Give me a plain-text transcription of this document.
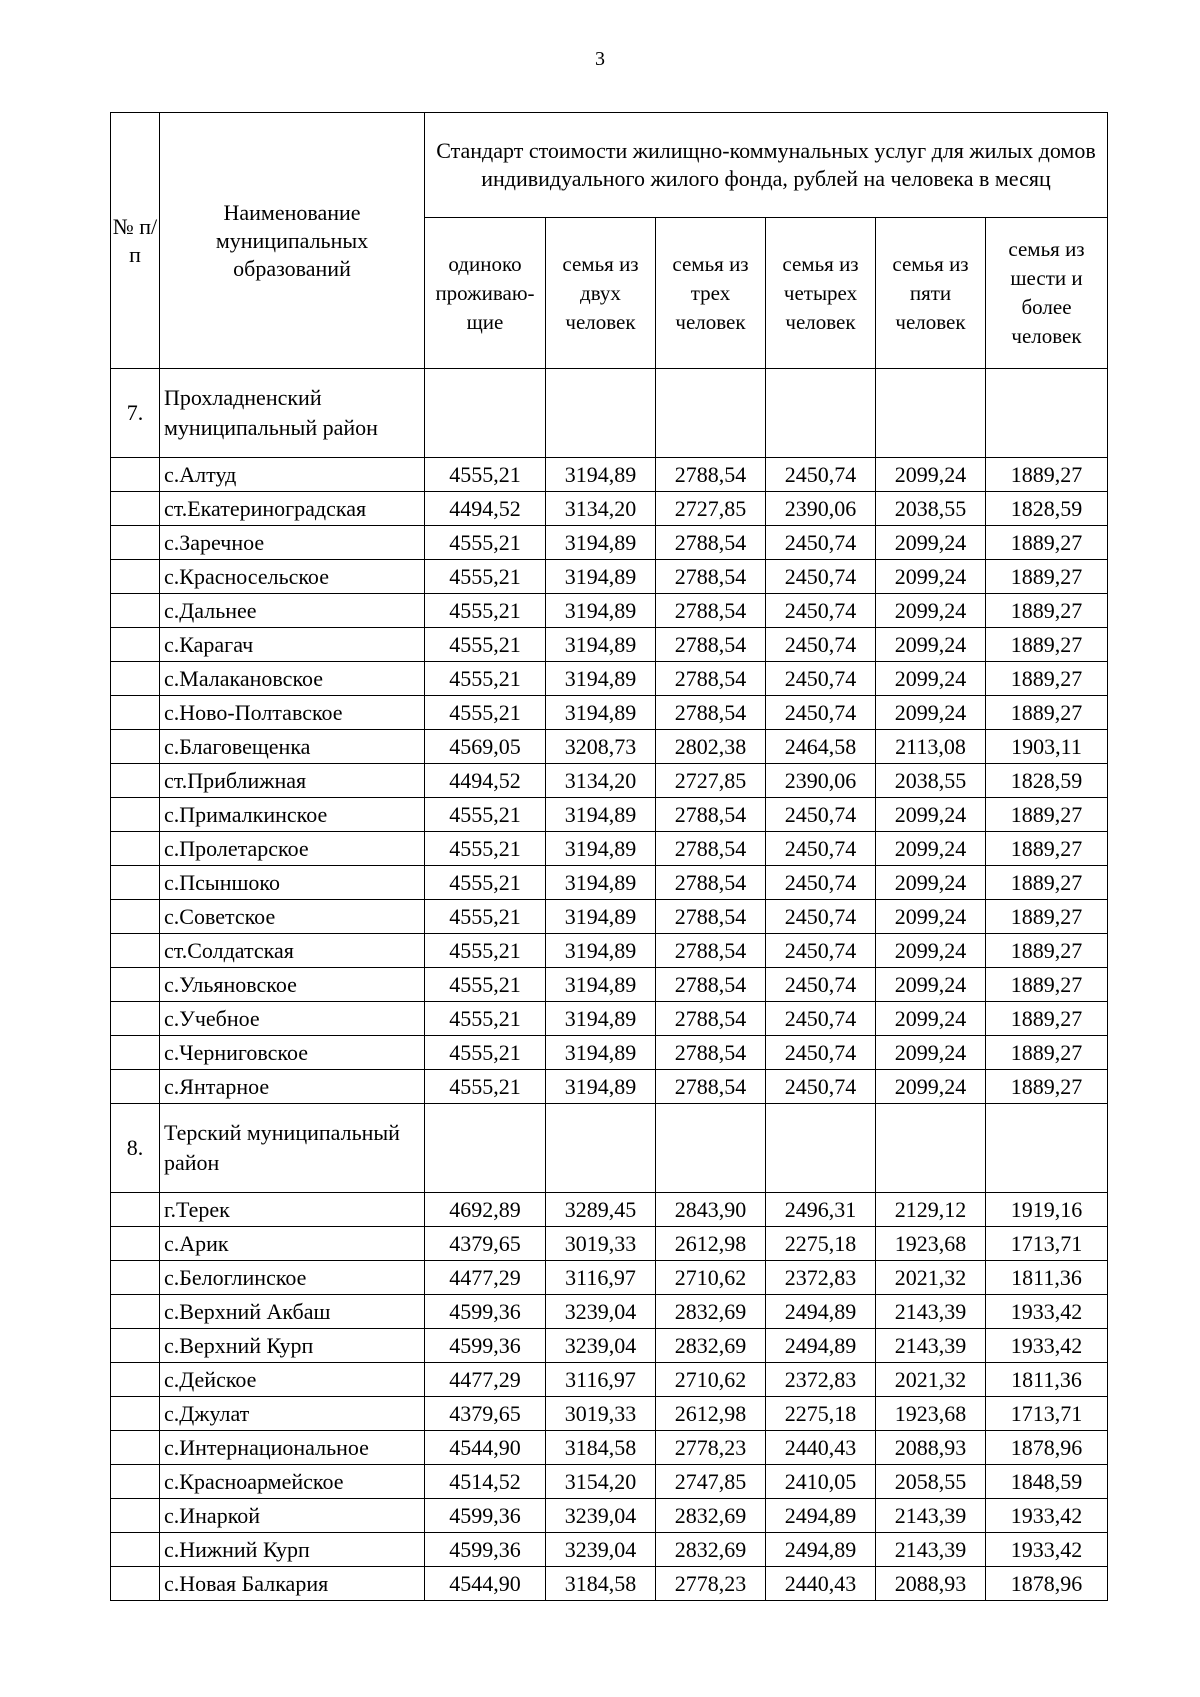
3
№ п/п	Наименование муниципальных образований	Стандарт стоимости жилищно-коммунальных услуг для жилых домов индивидуального жилого фонда, рублей на человека в месяц					
		одиноко проживаю-щие	семья из двух человек	семья из трех человек	семья из четырех человек	семья из пяти человек	семья из шести и более человек
7.	Прохладненский муниципальный район						
	с.Алтуд	4555,21	3194,89	2788,54	2450,74	2099,24	1889,27
	ст.Екатериноградская	4494,52	3134,20	2727,85	2390,06	2038,55	1828,59
	с.Заречное	4555,21	3194,89	2788,54	2450,74	2099,24	1889,27
	с.Красносельское	4555,21	3194,89	2788,54	2450,74	2099,24	1889,27
	с.Дальнее	4555,21	3194,89	2788,54	2450,74	2099,24	1889,27
	с.Карагач	4555,21	3194,89	2788,54	2450,74	2099,24	1889,27
	с.Малакановское	4555,21	3194,89	2788,54	2450,74	2099,24	1889,27
	с.Ново-Полтавское	4555,21	3194,89	2788,54	2450,74	2099,24	1889,27
	с.Благовещенка	4569,05	3208,73	2802,38	2464,58	2113,08	1903,11
	ст.Приближная	4494,52	3134,20	2727,85	2390,06	2038,55	1828,59
	с.Прималкинское	4555,21	3194,89	2788,54	2450,74	2099,24	1889,27
	с.Пролетарское	4555,21	3194,89	2788,54	2450,74	2099,24	1889,27
	с.Псыншоко	4555,21	3194,89	2788,54	2450,74	2099,24	1889,27
	с.Советское	4555,21	3194,89	2788,54	2450,74	2099,24	1889,27
	ст.Солдатская	4555,21	3194,89	2788,54	2450,74	2099,24	1889,27
	с.Ульяновское	4555,21	3194,89	2788,54	2450,74	2099,24	1889,27
	с.Учебное	4555,21	3194,89	2788,54	2450,74	2099,24	1889,27
	с.Черниговское	4555,21	3194,89	2788,54	2450,74	2099,24	1889,27
	с.Янтарное	4555,21	3194,89	2788,54	2450,74	2099,24	1889,27
8.	Терский муниципальный район						
	г.Терек	4692,89	3289,45	2843,90	2496,31	2129,12	1919,16
	с.Арик	4379,65	3019,33	2612,98	2275,18	1923,68	1713,71
	с.Белоглинское	4477,29	3116,97	2710,62	2372,83	2021,32	1811,36
	с.Верхний Акбаш	4599,36	3239,04	2832,69	2494,89	2143,39	1933,42
	с.Верхний Курп	4599,36	3239,04	2832,69	2494,89	2143,39	1933,42
	с.Дейское	4477,29	3116,97	2710,62	2372,83	2021,32	1811,36
	с.Джулат	4379,65	3019,33	2612,98	2275,18	1923,68	1713,71
	с.Интернациональное	4544,90	3184,58	2778,23	2440,43	2088,93	1878,96
	с.Красноармейское	4514,52	3154,20	2747,85	2410,05	2058,55	1848,59
	с.Инаркой	4599,36	3239,04	2832,69	2494,89	2143,39	1933,42
	с.Нижний Курп	4599,36	3239,04	2832,69	2494,89	2143,39	1933,42
	с.Новая Балкария	4544,90	3184,58	2778,23	2440,43	2088,93	1878,96
